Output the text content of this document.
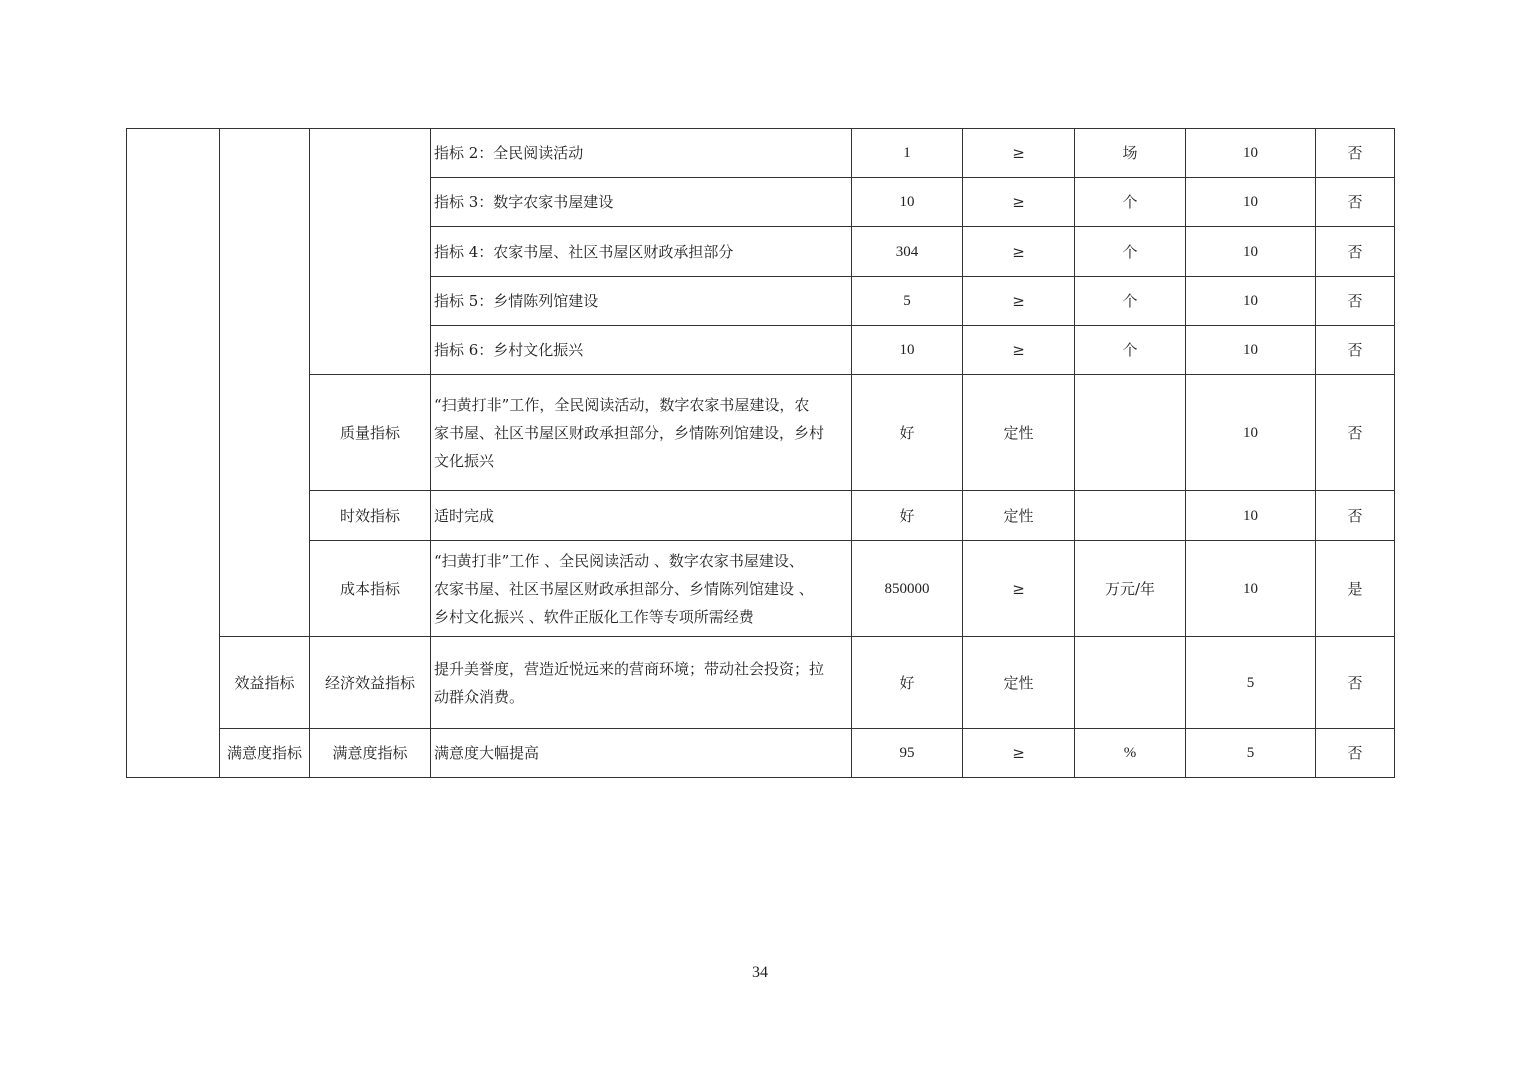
			指标 2：全民阅读活动	1	≥	场	10	否
			指标 3：数字农家书屋建设	10	≥	个	10	否
			指标 4：农家书屋、社区书屋区财政承担部分	304	≥	个	10	否
			指标 5：乡情陈列馆建设	5	≥	个	10	否
			指标 6：乡村文化振兴	10	≥	个	10	否
		质量指标	“扫黄打非”工作，全民阅读活动，数字农家书屋建设，农
家书屋、社区书屋区财政承担部分，乡情陈列馆建设，乡村
文化振兴	好	定性		10	否
		时效指标	适时完成	好	定性		10	否
		成本指标	“扫黄打非”工作 、全民阅读活动 、数字农家书屋建设、
农家书屋、社区书屋区财政承担部分、乡情陈列馆建设 、
乡村文化振兴 、软件正版化工作等专项所需经费	850000	≥	万元/年	10	是
	效益指标	经济效益指标	提升美誉度，营造近悦远来的营商环境；带动社会投资；拉
动群众消费。	好	定性		5	否
	满意度指标	满意度指标	满意度大幅提高	95	≥	%	5	否
34
